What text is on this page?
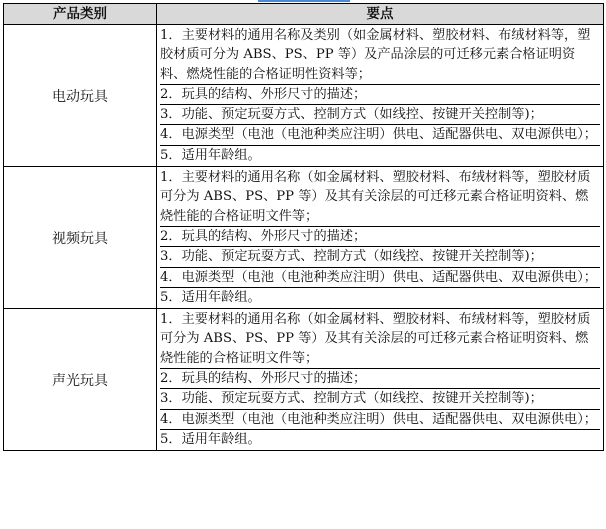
产品类别	要点
电动玩具	1．主要材料的通用名称及类别（如金属材料、塑胶材料、布绒材料等，塑胶材质可分为 ABS、PS、PP 等）及产品涂层的可迁移元素合格证明资料、燃烧性能的合格证明性资料等；
2．玩具的结构、外形尺寸的描述；
3．功能、预定玩耍方式、控制方式（如线控、按键开关控制等)；
4．电源类型（电池（电池种类应注明）供电、适配器供电、双电源供电）；
5．适用年龄组。

视频玩具	1．主要材料的通用名称（如金属材料、塑胶材料、布绒材料等，塑胶材质可分为 ABS、PS、PP 等）及其有关涂层的可迁移元素合格证明资料、燃烧性能的合格证明文件等；
2．玩具的结构、外形尺寸的描述；
3．功能、预定玩耍方式、控制方式（如线控、按键开关控制等)；
4．电源类型（电池（电池种类应注明）供电、适配器供电、双电源供电）；
5．适用年龄组。

声光玩具	1．主要材料的通用名称（如金属材料、塑胶材料、布绒材料等，塑胶材质可分为 ABS、PS、PP 等）及其有关涂层的可迁移元素合格证明资料、燃烧性能的合格证明文件等；
2．玩具的结构、外形尺寸的描述；
3．功能、预定玩耍方式、控制方式（如线控、按键开关控制等)；
4．电源类型（电池（电池种类应注明）供电、适配器供电、双电源供电）；
5．适用年龄组。
